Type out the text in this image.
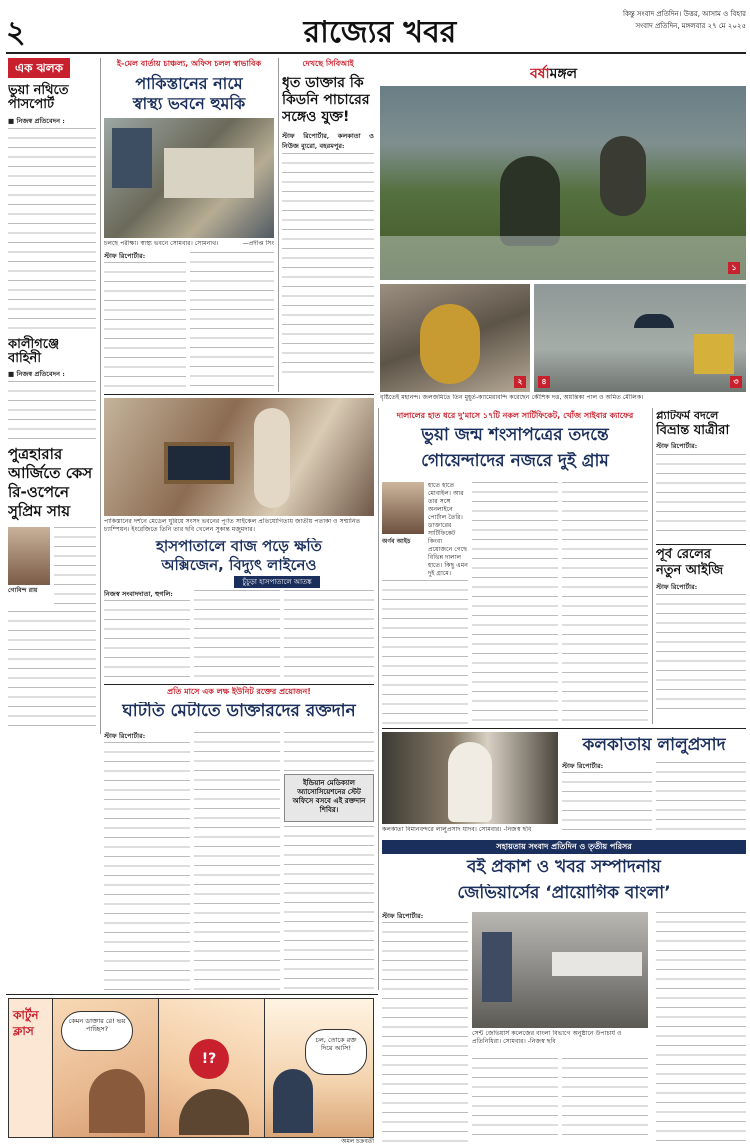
২	রাজ্যের খবর
কিন্তু সংবাদ প্রতিদিন। উত্তর, আসাম ও বিহার
সংবাদ প্রতিদিন, মঙ্গলবার ২৭ মে ২০২৫
এক ঝলক
ভুয়া নথিতে পাসপোর্ট
■ নিজস্ব প্রতিবেদন :
কালীগঞ্জে বাহিনী
■ নিজস্ব প্রতিবেদন :
পুত্রহারার আর্জিতে কেস রি-ওপেনে সুপ্রিম সায়
গোবিন্দ রায়
ই-মেল বার্তায় চাঞ্চল্য, অফিস চলল স্বাভাবিক
পাকিস্তানের নামে
স্বাস্থ্য ভবনে হুমকি
চলছে পরীক্ষা। স্বাস্থ্য ভবনে সোমবার। সোমনাথ।	—প্রদীপ্ত সিং
স্টাফ রিপোর্টার:
দেখছে সিবিআই
ধৃত ডাক্তার কি কিডনি পাচারের সঙ্গেও যুক্ত!
স্টাফ রিপোর্টার, কলকাতা ও নিউজ ব্যুরো, বহরমপুর:
বর্ষামঙ্গল
১
২	৩
৪
বৃষ্টিতেই মহানন্দ। জলজমিতে তিন মুহূর্ত-ক্যামেরাবন্দি করেছেন কৌশিক দত্ত, অয়ন্তিকা পাল ও অমিত মৌলিক।
পাকিস্তানের দর্শনে মেডেল ঘুরিয়ে সংসদ ভবনের পূর্ণত সাইকেল প্রতিযোগিতায় জাতীয় পতাকা ও সম্মানিত চ্যাম্পিয়ন। ইংরেজিতে তিনি তার ছবি খেলেন সুকান্ত মজুমদার।
হাসপাতালে বাজ পড়ে ক্ষতি
অক্সিজেন, বিদ্যুৎ লাইনেও
চুঁচুড়া হাসপাতালে আতঙ্ক
নিজস্ব সংবাদদাতা, হুগলি:
প্রতি মাসে এক লক্ষ ইউনিট রক্তের প্রয়োজন!
ঘাটতি মেটাতে ডাক্তারদের রক্তদান
স্টাফ রিপোর্টার:
ইন্ডিয়ান মেডিক্যাল অ্যাসোসিয়েশনের স্টেট অফিসে বসবে এই রক্তদান শিবির।
দালালের হাত ধরে দু'মাসে ১৭টি নকল সার্টিফিকেট, খোঁজ সাইবার ক্যাফের
ভুয়া জন্ম শংসাপত্রের তদন্তে
গোয়েন্দাদের নজরে দুই গ্রাম
অর্ণব আইচ
হাতে হাতে মোবাইল। আর তার সঙ্গে অনলাইনে পোর্টাল তৈরি। ডাক্তারের সার্টিফিকেট কিংবা প্রয়োজনে গেছে বিভিন্ন দালাল হাতে। কিছু এমন দুই গ্রামে।
প্ল্যাটফর্ম বদলে
বিভ্রান্ত যাত্রীরা
স্টাফ রিপোর্টার:
পূর্ব রেলের
নতুন আইজি
স্টাফ রিপোর্টার:
কলকাতা বিমানবন্দরে লালুপ্রসাদ যাদব। সোমবার। -নিজস্ব ছবি
কলকাতায় লালুপ্রসাদ
স্টাফ রিপোর্টার:
সহায়তায় সংবাদ প্রতিদিন ও তৃতীয় পরিসর
বই প্রকাশ ও খবর সম্পাদনায়
জেভিয়ার্সের ‘প্রায়োগিক বাংলা’
স্টাফ রিপোর্টার:
সেন্ট জেভিয়ার্স কলেজের বাংলা বিভাগে অনুষ্ঠানে উপাচার্য ও প্রতিনিধিরা। সোমবার। -নিজস্ব ছবি
কার্টুন ক্লাস
কেমন ডাক্তার রে! ভয় পাচ্ছিস?
!?
চল, তোকে রক্ত দিয়ে আসি!
অমল চক্রবর্তী
